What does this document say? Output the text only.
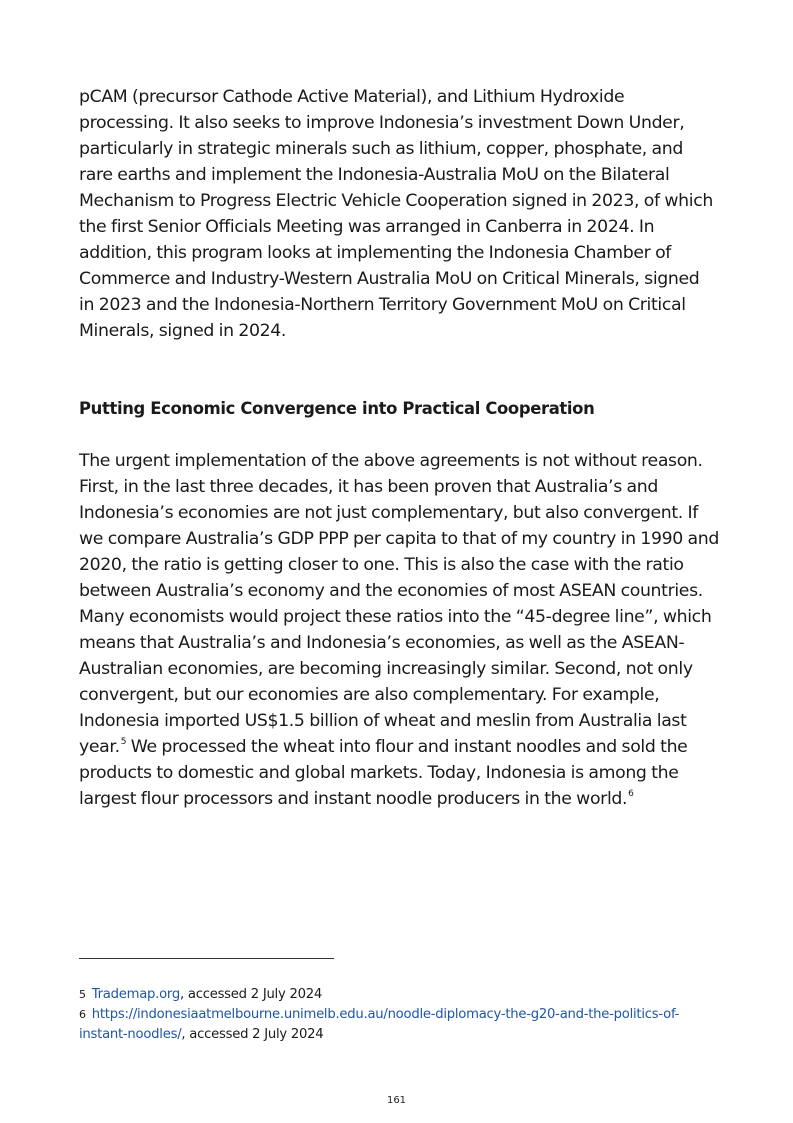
pCAM (precursor Cathode Active Material), and Lithium Hydroxide processing. It also seeks to improve Indonesia’s investment Down Under, particularly in strategic minerals such as lithium, copper, phosphate, and rare earths and implement the Indonesia-Australia MoU on the Bilateral Mechanism to Progress Electric Vehicle Cooperation signed in 2023, of which the first Senior Officials Meeting was arranged in Canberra in 2024. In addition, this program looks at implementing the Indonesia Chamber of Commerce and Industry-Western Australia MoU on Critical Minerals, signed in 2023 and the Indonesia-Northern Territory Government MoU on Critical Minerals, signed in 2024.

Putting Economic Convergence into Practical Cooperation

The urgent implementation of the above agreements is not without reason. First, in the last three decades, it has been proven that Australia’s and Indonesia’s economies are not just complementary, but also convergent. If we compare Australia’s GDP PPP per capita to that of my country in 1990 and 2020, the ratio is getting closer to one. This is also the case with the ratio between Australia’s economy and the economies of most ASEAN countries. Many economists would project these ratios into the “45-degree line”, which means that Australia’s and Indonesia’s economies, as well as the ASEAN-Australian economies, are becoming increasingly similar. Second, not only convergent, but our economies are also complementary. For example, Indonesia imported US$1.5 billion of wheat and meslin from Australia last year.$^5$ We processed the wheat into flour and instant noodles and sold the products to domestic and global markets. Today, Indonesia is among the largest flour processors and instant noodle producers in the world.$^6$

5 Trademap.org, accessed 2 July 2024
6 https://indonesiaatmelbourne.unimelb.edu.au/noodle-diplomacy-the-g20-and-the-politics-of-instant-noodles/, accessed 2 July 2024
161
